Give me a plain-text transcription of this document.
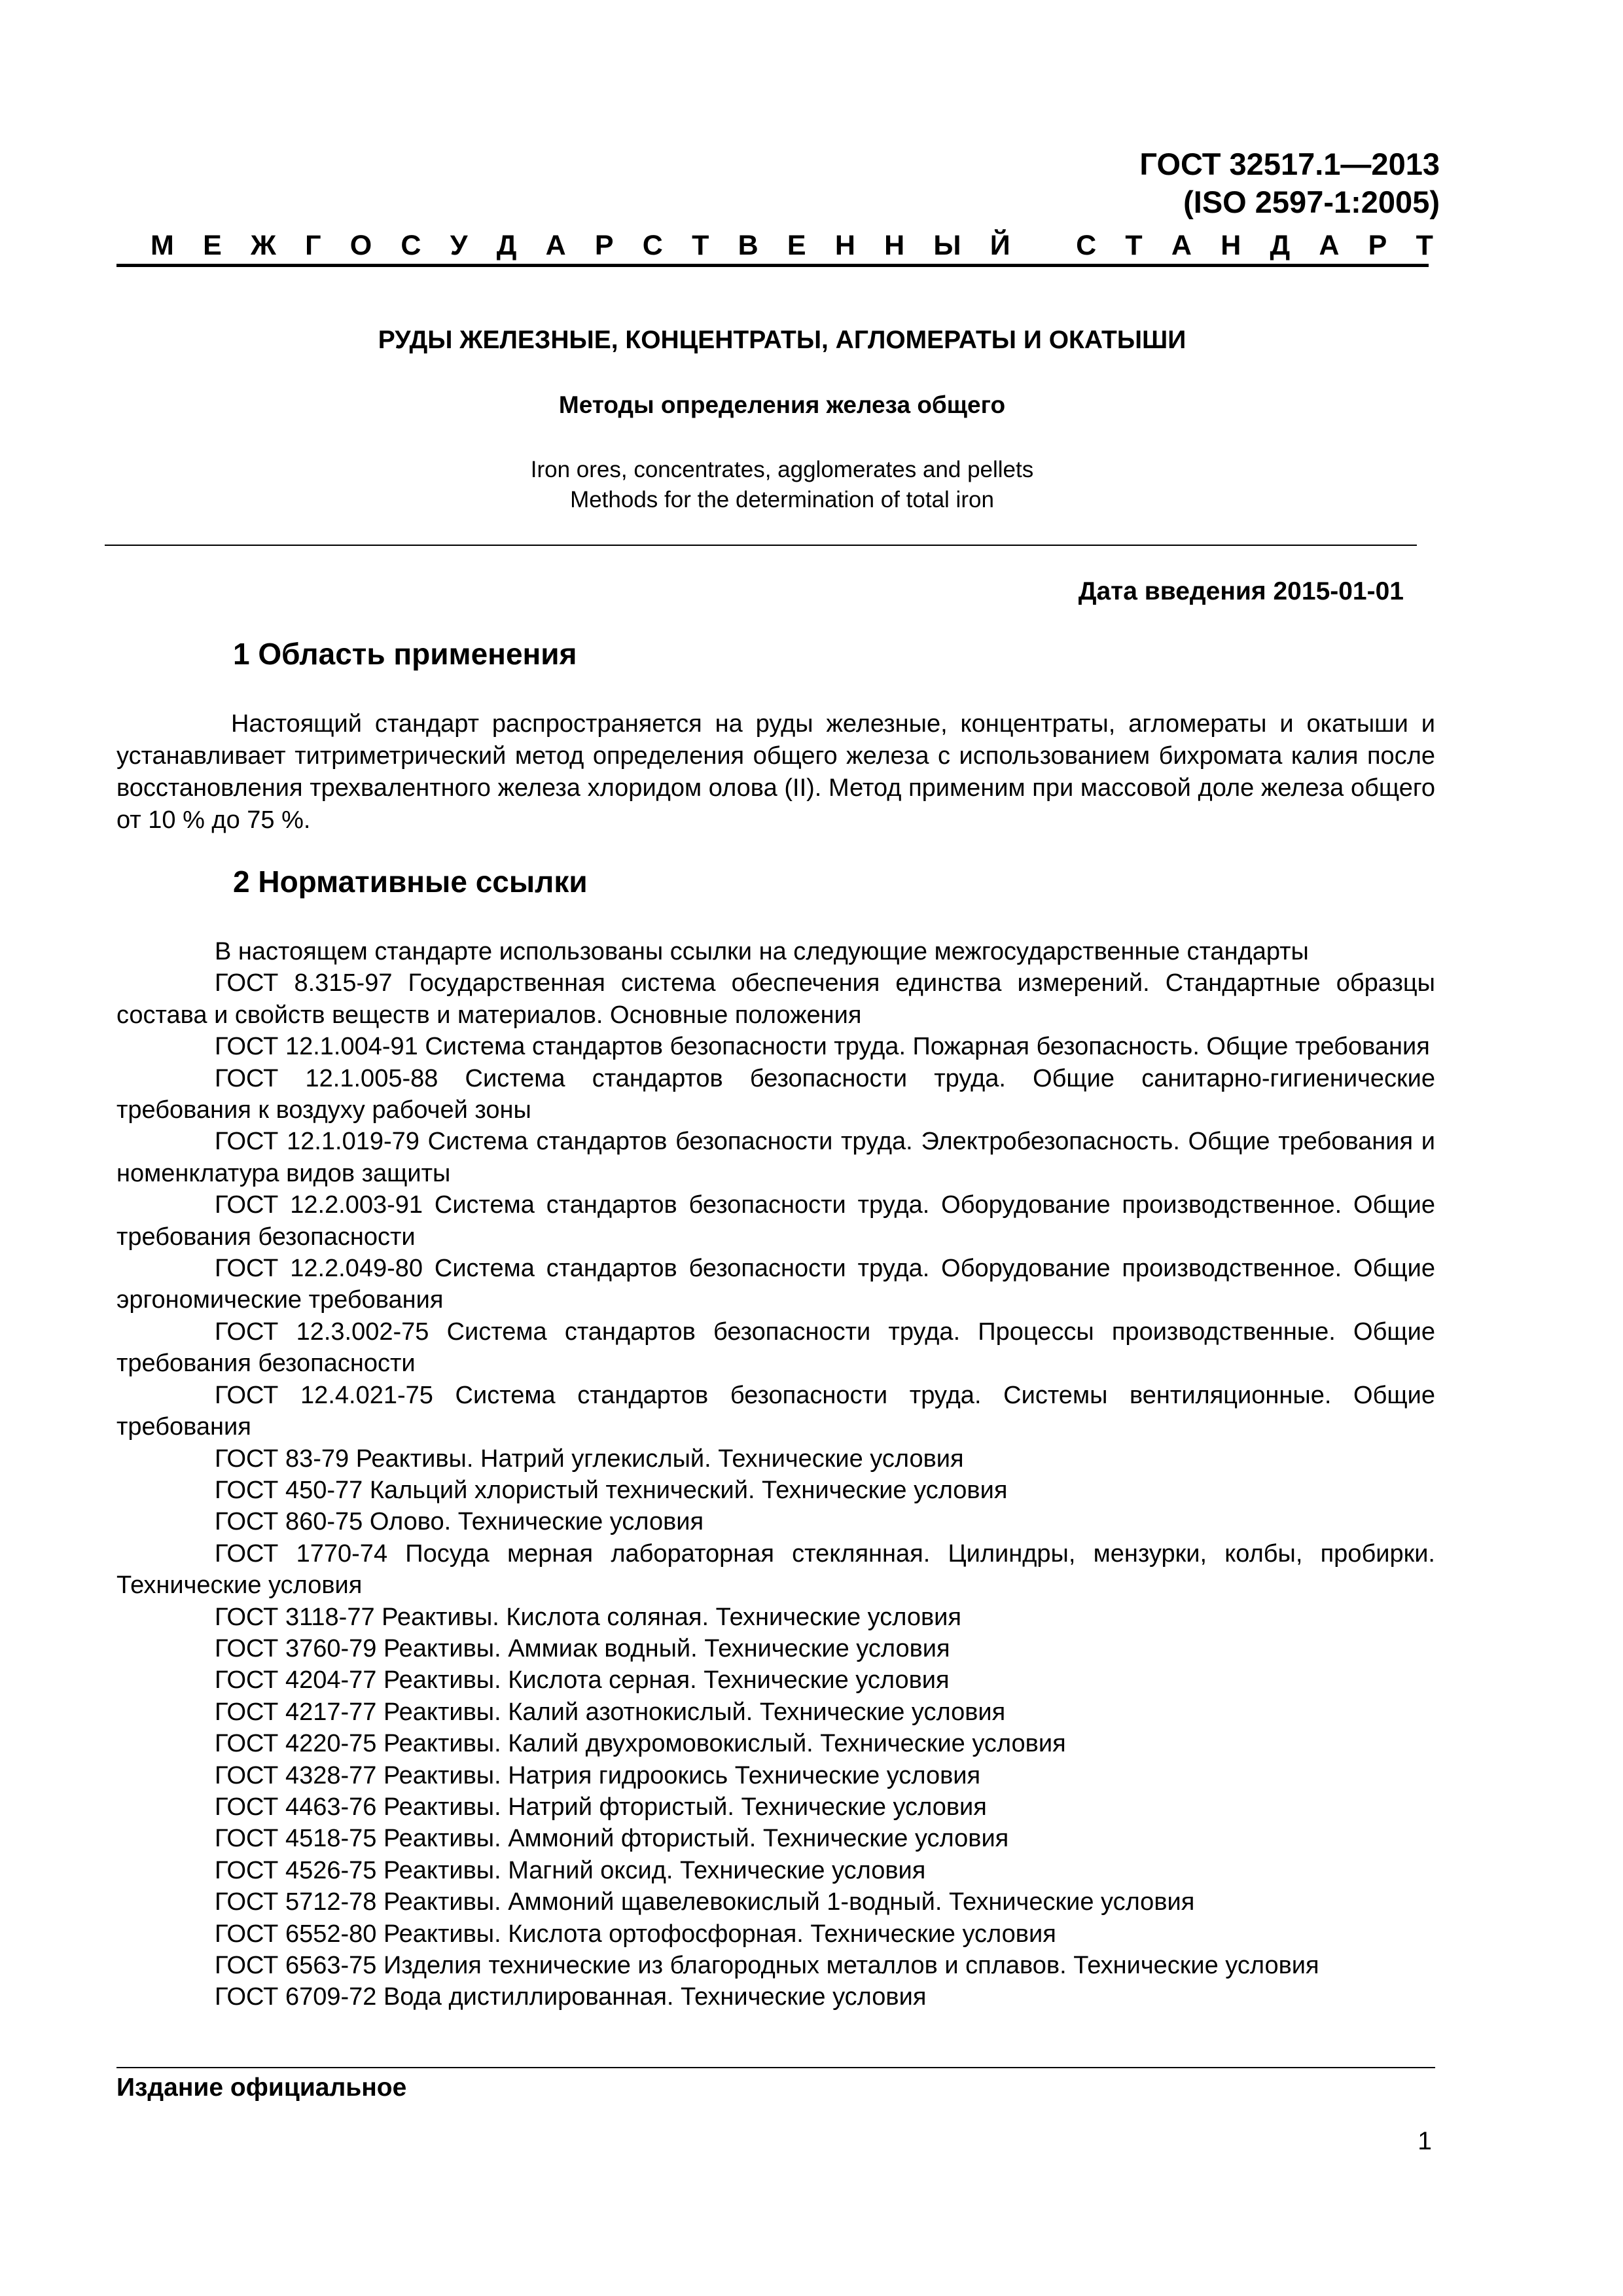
ГОСТ 32517.1—2013
(ISO 2597-1:2005)
М Е Ж Г О С У Д А Р С Т В Е Н Н Ы Й
С Т А Н Д А Р Т
РУДЫ ЖЕЛЕЗНЫЕ, КОНЦЕНТРАТЫ, АГЛОМЕРАТЫ И ОКАТЫШИ
Методы определения железа общего
Iron ores, concentrates, agglomerates and pellets
Methods for the determination of total iron
Дата введения 2015-01-01
1 Область применения
Настоящий стандарт распространяется на руды железные, концентраты, агломераты и окатыши и устанавливает титриметрический метод определения общего железа с использованием бихромата калия после восстановления трехвалентного железа хлоридом олова (II). Метод применим при массовой доле железа общего от 10 % до 75 %.
2 Нормативные ссылки
В настоящем стандарте использованы ссылки на следующие межгосударственные стандарты
ГОСТ 8.315-97 Государственная система обеспечения единства измерений. Стандартные образцы состава и свойств веществ и материалов. Основные положения
ГОСТ 12.1.004-91 Система стандартов безопасности труда. Пожарная безопасность. Общие требования
ГОСТ 12.1.005-88 Система стандартов безопасности труда. Общие санитарно-гигиенические требования к воздуху рабочей зоны
ГОСТ 12.1.019-79 Система стандартов безопасности труда. Электробезопасность. Общие требования и номенклатура видов защиты
ГОСТ 12.2.003-91 Система стандартов безопасности труда. Оборудование производственное. Общие требования безопасности
ГОСТ 12.2.049-80 Система стандартов безопасности труда. Оборудование производственное. Общие эргономические требования
ГОСТ 12.3.002-75 Система стандартов безопасности труда. Процессы производственные. Общие требования безопасности
ГОСТ 12.4.021-75 Система стандартов безопасности труда. Системы вентиляционные. Общие требования
ГОСТ 83-79 Реактивы. Натрий углекислый. Технические условия
ГОСТ 450-77 Кальций хлористый технический. Технические условия
ГОСТ 860-75 Олово. Технические условия
ГОСТ 1770-74 Посуда мерная лабораторная стеклянная. Цилиндры, мензурки, колбы, пробирки. Технические условия
ГОСТ 3118-77 Реактивы. Кислота соляная. Технические условия
ГОСТ 3760-79 Реактивы. Аммиак водный. Технические условия
ГОСТ 4204-77 Реактивы. Кислота серная. Технические условия
ГОСТ 4217-77 Реактивы. Калий азотнокислый. Технические условия
ГОСТ 4220-75 Реактивы. Калий двухромовокислый. Технические условия
ГОСТ 4328-77 Реактивы. Натрия гидроокись Технические условия
ГОСТ 4463-76 Реактивы. Натрий фтористый. Технические условия
ГОСТ 4518-75 Реактивы. Аммоний фтористый. Технические условия
ГОСТ 4526-75 Реактивы. Магний оксид. Технические условия
ГОСТ 5712-78 Реактивы. Аммоний щавелевокислый 1-водный. Технические условия
ГОСТ 6552-80 Реактивы. Кислота ортофосфорная. Технические условия
ГОСТ 6563-75 Изделия технические из благородных металлов и сплавов. Технические условия
ГОСТ 6709-72 Вода дистиллированная. Технические условия
Издание официальное
1
